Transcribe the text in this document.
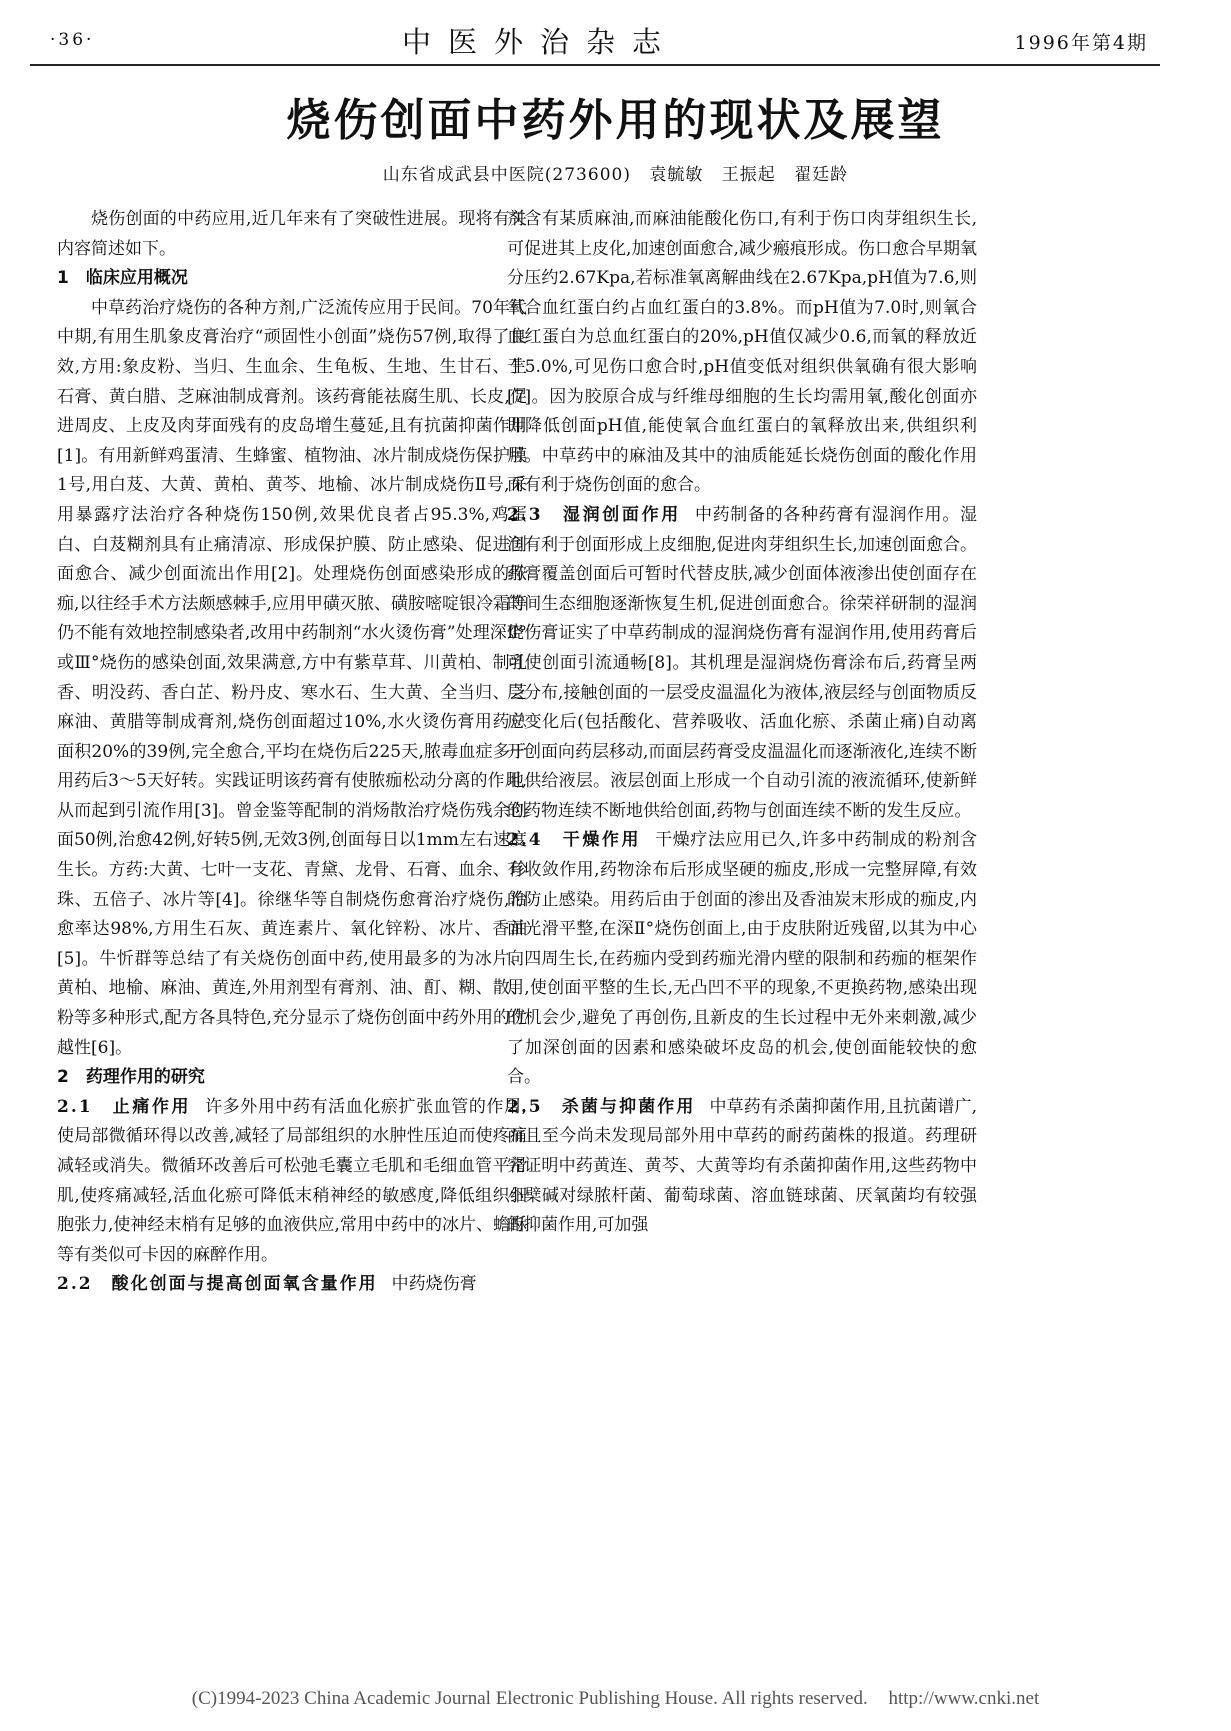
·36·	中医外治杂志	1996年第4期
烧伤创面中药外用的现状及展望
山东省成武县中医院(273600) 袁毓敏 王振起 翟廷龄

烧伤创面的中药应用,近几年来有了突破性进展。现将有关内容简述如下。

1　临床应用概况

中草药治疗烧伤的各种方剂,广泛流传应用于民间。70年代中期,有用生肌象皮膏治疗“顽固性小创面”烧伤57例,取得了良效,方用:象皮粉、当归、生血余、生龟板、生地、生甘石、生石膏、黄白腊、芝麻油制成膏剂。该药膏能祛腐生肌、长皮,促进周皮、上皮及肉芽面残有的皮岛增生蔓延,且有抗菌抑菌作用[1]。有用新鲜鸡蛋清、生蜂蜜、植物油、冰片制成烧伤保护膜1号,用白芨、大黄、黄柏、黄芩、地榆、冰片制成烧伤Ⅱ号,采用暴露疗法治疗各种烧伤150例,效果优良者占95.3%,鸡蛋白、白芨糊剂具有止痛清凉、形成保护膜、防止感染、促进创面愈合、减少创面流出作用[2]。处理烧伤创面感染形成的脓痂,以往经手术方法颇感棘手,应用甲磺灭脓、磺胺嘧啶银冷霜等仍不能有效地控制感染者,改用中药制剂“水火烫伤膏”处理深Ⅱ°或Ⅲ°烧伤的感染创面,效果满意,方中有紫草茸、川黄柏、制乳香、明没药、香白芷、粉丹皮、寒水石、生大黄、全当归、芝麻油、黄腊等制成膏剂,烧伤创面超过10%,水火烫伤膏用药总面积20%的39例,完全愈合,平均在烧伤后225天,脓毒血症多于用药后3～5天好转。实践证明该药膏有使脓痂松动分离的作用,从而起到引流作用[3]。曾金鉴等配制的消炀散治疗烧伤残余创面50例,治愈42例,好转5例,无效3例,创面每日以1mm左右速度生长。方药:大黄、七叶一支花、青黛、龙骨、石膏、血余、珍珠、五倍子、冰片等[4]。徐继华等自制烧伤愈膏治疗烧伤,治愈率达98%,方用生石灰、黄连素片、氧化锌粉、冰片、香油[5]。牛忻群等总结了有关烧伤创面中药,使用最多的为冰片、黄柏、地榆、麻油、黄连,外用剂型有膏剂、油、酊、糊、散、粉等多种形式,配方各具特色,充分显示了烧伤创面中药外用的优越性[6]。

2　药理作用的研究

2.1　止痛作用 许多外用中药有活血化瘀扩张血管的作用,使局部微循环得以改善,减轻了局部组织的水肿性压迫而使疼痛减轻或消失。微循环改善后可松弛毛囊立毛肌和毛细血管平滑肌,使疼痛减轻,活血化瘀可降低末稍神经的敏感度,降低组织细胞张力,使神经末梢有足够的血液供应,常用中药中的冰片、蟾酥等有类似可卡因的麻醉作用。

2.2　酸化创面与提高创面氧含量作用 中药烧伤膏

剂含有某质麻油,而麻油能酸化伤口,有利于伤口肉芽组织生长,可促进其上皮化,加速创面愈合,减少瘢痕形成。伤口愈合早期氧分压约2.67Kpa,若标准氧离解曲线在2.67Kpa,pH值为7.6,则氧合血红蛋白约占血红蛋白的3.8%。而pH值为7.0时,则氧合血红蛋白为总血红蛋白的20%,pH值仅减少0.6,而氧的释放近于5.0%,可见伤口愈合时,pH值变低对组织供氧确有很大影响[7]。因为胶原合成与纤维母细胞的生长均需用氧,酸化创面亦即降低创面pH值,能使氧合血红蛋白的氧释放出来,供组织利用。中草药中的麻油及其中的油质能延长烧伤创面的酸化作用而有利于烧伤创面的愈合。

2.3　湿润创面作用 中药制备的各种药膏有湿润作用。湿润有利于创面形成上皮细胞,促进肉芽组织生长,加速创面愈合。药膏覆盖创面后可暂时代替皮肤,减少创面体液渗出使创面存在的间生态细胞逐渐恢复生机,促进创面愈合。徐荣祥研制的湿润烧伤膏证实了中草药制成的湿润烧伤膏有湿润作用,使用药膏后可使创面引流通畅[8]。其机理是湿润烧伤膏涂布后,药膏呈两层分布,接触创面的一层受皮温温化为液体,液层经与创面物质反应变化后(包括酸化、营养吸收、活血化瘀、杀菌止痛)自动离开创面向药层移动,而面层药膏受皮温温化而逐渐液化,连续不断地供给液层。液层创面上形成一个自动引流的液流循环,使新鲜的药物连续不断地供给创面,药物与创面连续不断的发生反应。

2.4　干燥作用 干燥疗法应用已久,许多中药制成的粉剂含有收敛作用,药物涂布后形成坚硬的痂皮,形成一完整屏障,有效的防止感染。用药后由于创面的渗出及香油炭末形成的痂皮,内面光滑平整,在深Ⅱ°烧伤创面上,由于皮肤附近残留,以其为中心向四周生长,在药痂内受到药痂光滑内壁的限制和药痂的框架作用,使创面平整的生长,无凸凹不平的现象,不更换药物,感染出现的机会少,避免了再创伤,且新皮的生长过程中无外来刺激,减少了加深创面的因素和感染破坏皮岛的机会,使创面能较快的愈合。

2.5　杀菌与抑菌作用 中草药有杀菌抑菌作用,且抗菌谱广,而且至今尚未发现局部外用中草药的耐药菌株的报道。药理研究证明中药黄连、黄芩、大黄等均有杀菌抑菌作用,这些药物中小檗碱对绿脓杆菌、葡萄球菌、溶血链球菌、厌氧菌均有较强的抑菌作用,可加强

(C)1994-2023 China Academic Journal Electronic Publishing House. All rights reserved. http://www.cnki.net
